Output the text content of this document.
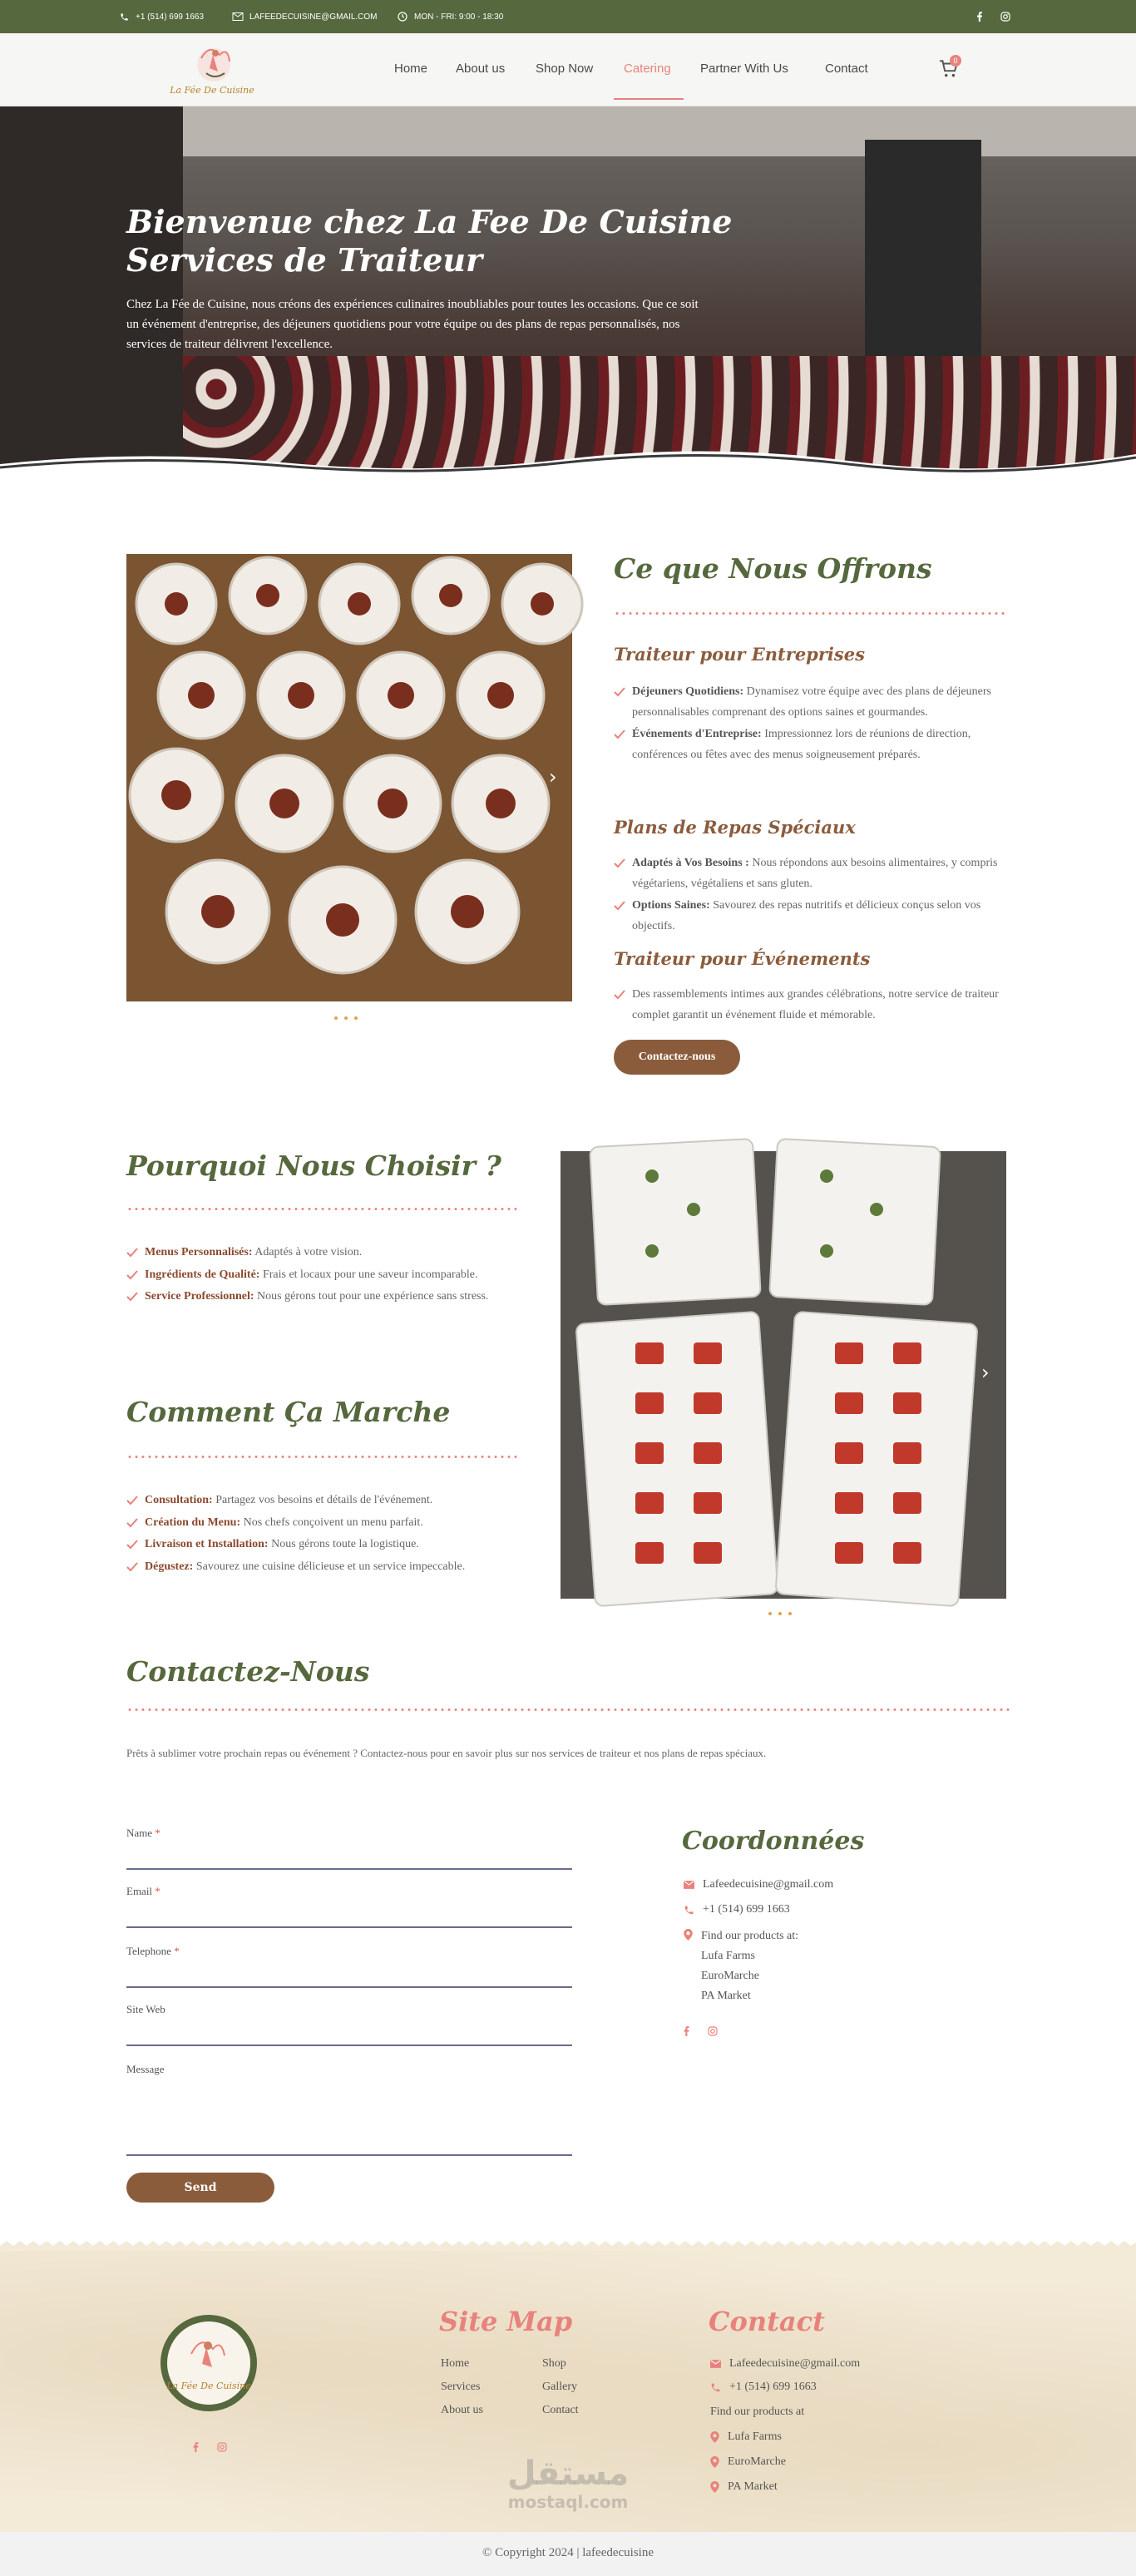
+1 (514) 699 1663	LAFEEDECUISINE@GMAIL.COM	MON - FRI: 9:00 - 18:30
La Fée De Cuisine
Home About us Shop Now Catering Partner With Us	Contact
0
Bienvenue chez La Fee De Cuisine Services de Traiteur

Chez La Fée de Cuisine, nous créons des expériences culinaires inoubliables pour toutes les occasions. Que ce soit un événement d'entreprise, des déjeuners quotidiens pour votre équipe ou des plans de repas personnalisés, nos services de traiteur délivrent l'excellence.

›
Ce que Nous Offrons
Traiteur pour Entreprises
Déjeuners Quotidiens: Dynamisez votre équipe avec des plans de déjeuners personnalisables comprenant des options saines et gourmandes.
Événements d'Entreprise: Impressionnez lors de réunions de direction, conférences ou fêtes avec des menus soigneusement préparés.
Plans de Repas Spéciaux
Adaptés à Vos Besoins : Nous répondons aux besoins alimentaires, y compris végétariens, végétaliens et sans gluten.
Options Saines: Savourez des repas nutritifs et délicieux conçus selon vos objectifs.
Traiteur pour Événements
Des rassemblements intimes aux grandes célébrations, notre service de traiteur complet garantit un événement fluide et mémorable.
Contactez-nous
Pourquoi Nous Choisir ?
Menus Personnalisés: Adaptés à votre vision.
Ingrédients de Qualité: Frais et locaux pour une saveur incomparable.
Service Professionnel: Nous gérons tout pour une expérience sans stress.
Comment Ça Marche
Consultation: Partagez vos besoins et détails de l'événement.
Création du Menu: Nos chefs conçoivent un menu parfait.
Livraison et Installation: Nous gérons toute la logistique.
Dégustez: Savourez une cuisine délicieuse et un service impeccable.
›
Contactez-Nous

Prêts à sublimer votre prochain repas ou événement ? Contactez-nous pour en savoir plus sur nos services de traiteur et nos plans de repas spéciaux.

Name *
Email *
Telephone *
Site Web
Message
Send
Coordonnées
Lafeedecuisine@gmail.com
+1 (514) 699 1663
Find our products at:
Lufa Farms
EuroMarche
PA Market
La Fée De Cuisine
Site Map
Home
Services
About us
Shop
Gallery
Contact
Contact
Lafeedecuisine@gmail.com
+1 (514) 699 1663
Find our products at
Lufa Farms
EuroMarche
PA Market
مستقل
mostaql.com
© Copyright 2024 | lafeedecuisine
